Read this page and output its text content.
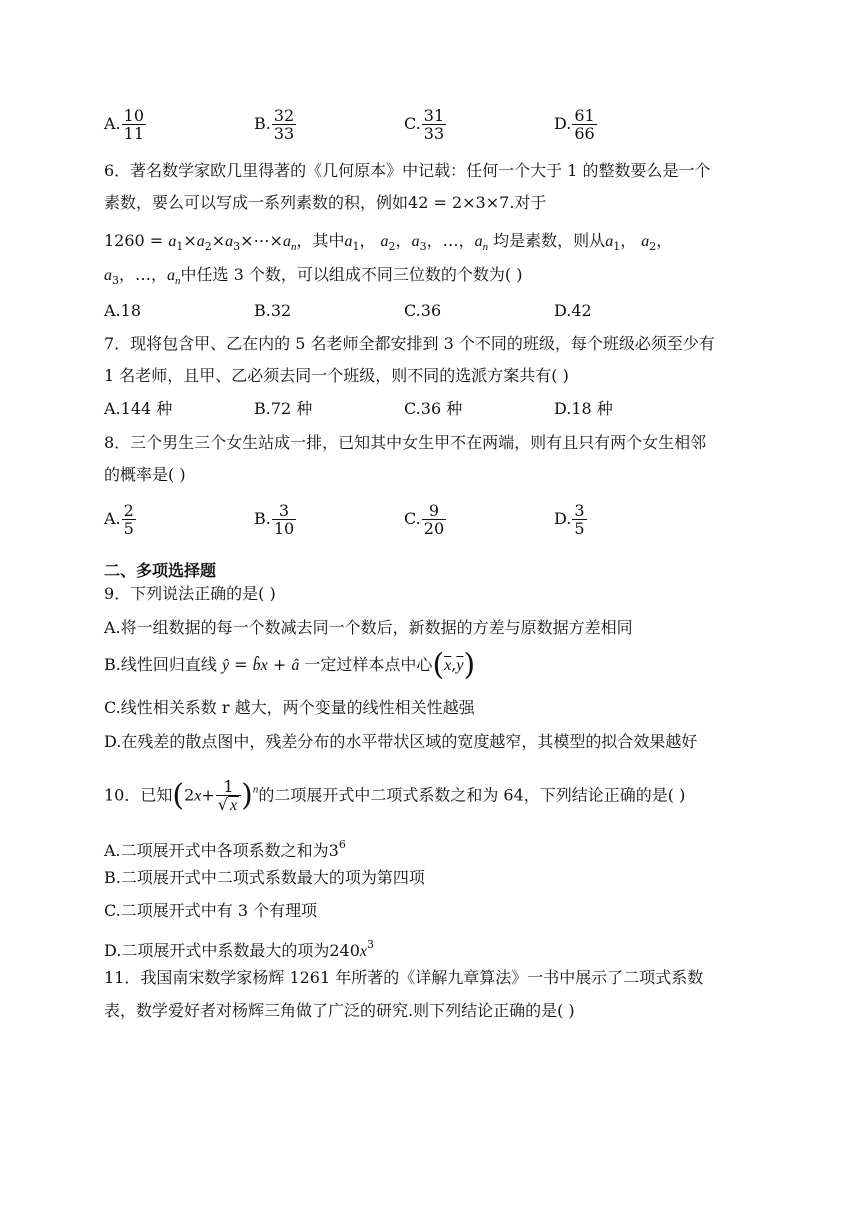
A. $\frac{10}{11}$	B. $\frac{32}{33}$	C. $\frac{31}{33}$	D. $\frac{61}{66}$
6．著名数学家欧几里得著的《几何原本》中记载：任何一个大于 1 的整数要么是一个
素数，要么可以写成一系列素数的积，例如42 = 2×3×7.对于
$1260 = a_1\times a_2\times a_3\times\cdots\times a_n$，其中$a_1$， $a_2$，$a_3$，…，$a_n$ 均是素数，则从$a_1$， $a_2$，
$a_3$，…，$a_n$中任选 3 个数，可以组成不同三位数的个数为( )
A.18	B.32	C.36	D.42
7．现将包含甲、乙在内的 5 名老师全都安排到 3 个不同的班级，每个班级必须至少有
1 名老师，且甲、乙必须去同一个班级，则不同的选派方案共有( )
A.144 种	B.72 种	C.36 种	D.18 种
8．三个男生三个女生站成一排，已知其中女生甲不在两端，则有且只有两个女生相邻
的概率是( )
A. $\frac{2}{5}$	B. $\frac{3}{10}$	C. $\frac{9}{20}$	D. $\frac{3}{5}$
二、多项选择题
9．下列说法正确的是( )
A.将一组数据的每一个数减去同一个数后，新数据的方差与原数据方差相同
B.线性回归直线 ŷ = b̂x + â 一定过样本点中心$(\overline{x},\overline{y})$
C.线性相关系数 r 越大，两个变量的线性相关性越强
D.在残差的散点图中，残差分布的水平带状区域的宽度越窄，其模型的拟合效果越好
10．已知$(2x+ \frac{1}{√ x} )^n$的二项展开式中二项式系数之和为 64，下列结论正确的是( )
A.二项展开式中各项系数之和为$3^6$
B.二项展开式中二项式系数最大的项为第四项
C.二项展开式中有 3 个有理项
D.二项展开式中系数最大的项为$240x^3$
11．我国南宋数学家杨辉 1261 年所著的《详解九章算法》一书中展示了二项式系数
表，数学爱好者对杨辉三角做了广泛的研究.则下列结论正确的是( )
